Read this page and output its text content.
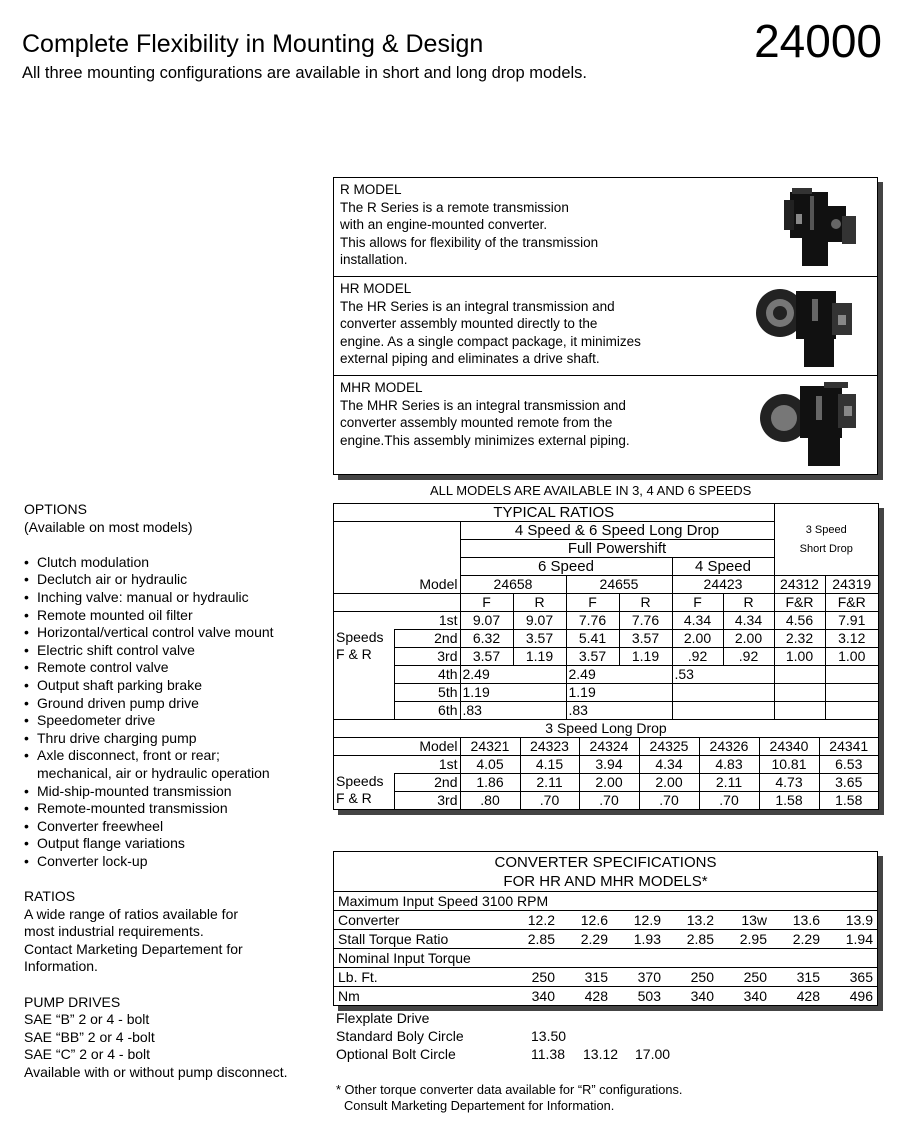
Complete Flexibility in Mounting & Design
All three mounting configurations are available in short and long drop models.
24000
R MODEL
The R Series is a remote transmission
with an engine-mounted converter.
This allows for flexibility of the transmission
installation.
HR MODEL
The HR Series is an integral transmission and
converter assembly mounted directly to the
engine. As a single compact package, it minimizes
external piping and eliminates a drive shaft.
MHR MODEL
The MHR Series is an integral transmission and
converter assembly mounted remote from the
engine.This assembly minimizes external piping.
ALL MODELS ARE AVAILABLE IN 3, 4 AND 6 SPEEDS
TYPICAL RATIOS								3 Speed
Short Drop	

		4 Speed & 6 Speed Long Drop							
		Full Powershift							
		6 Speed				4 Speed			
Model		24658		24655		24423		24312	24319
		F	R	F	R	F	R	F&R	F&R

Speeds
F & R	1st	9.07	9.07	7.76	7.76	4.34	4.34	4.56	7.91
	2nd	6.32	3.57	5.41	3.57	2.00	2.00	2.32	3.12
	3rd	3.57	1.19	3.57	1.19	.92	.92	1.00	1.00
	4th	2.49		2.49		.53			
	5th	1.19		1.19					
	6th	.83		.83					
3 Speed Long Drop								
Model		24321	24323	24324	24325	24326	24340	24341

Speeds
F & R	1st	4.05	4.15	3.94	4.34	4.83	10.81	6.53
	2nd	1.86	2.11	2.00	2.00	2.11	4.73	3.65
	3rd	.80	.70	.70	.70	.70	1.58	1.58
OPTIONS
(Available on most models)
• Clutch modulation
• Declutch air or hydraulic
• Inching valve: manual or hydraulic
• Remote mounted oil filter
• Horizontal/vertical control valve mount
• Electric shift control valve
• Remote control valve
• Output shaft parking brake
• Ground driven pump drive
• Speedometer drive
• Thru drive charging pump
• Axle disconnect, front or rear;
mechanical, air or hydraulic operation
• Mid-ship-mounted transmission
• Remote-mounted transmission
• Converter freewheel
• Output flange variations
• Converter lock-up
RATIOS
A wide range of ratios available for
most industrial requirements.
Contact Marketing Departement for
Information.
PUMP DRIVES
SAE “B” 2 or 4 - bolt
SAE “BB” 2 or 4 -bolt
SAE “C” 2 or 4 - bolt
Available with or without pump disconnect.
CONVERTER SPECIFICATIONS
FOR HR AND MHR MODELS*
Maximum Input Speed 3100 RPM							
Converter	12.2	12.6	12.9	13.2	13w	13.6	13.9
Stall Torque Ratio	2.85	2.29	1.93	2.85	2.95	2.29	1.94
Nominal Input Torque							
Lb. Ft.	250	315	370	250	250	315	365
Nm	340	428	503	340	340	428	496
Flexplate Drive			
Standard Boly Circle	13.50		
Optional Bolt Circle	11.38	13.12	17.00
* Other torque converter data available for “R” configurations.
Consult Marketing Departement for Information.
